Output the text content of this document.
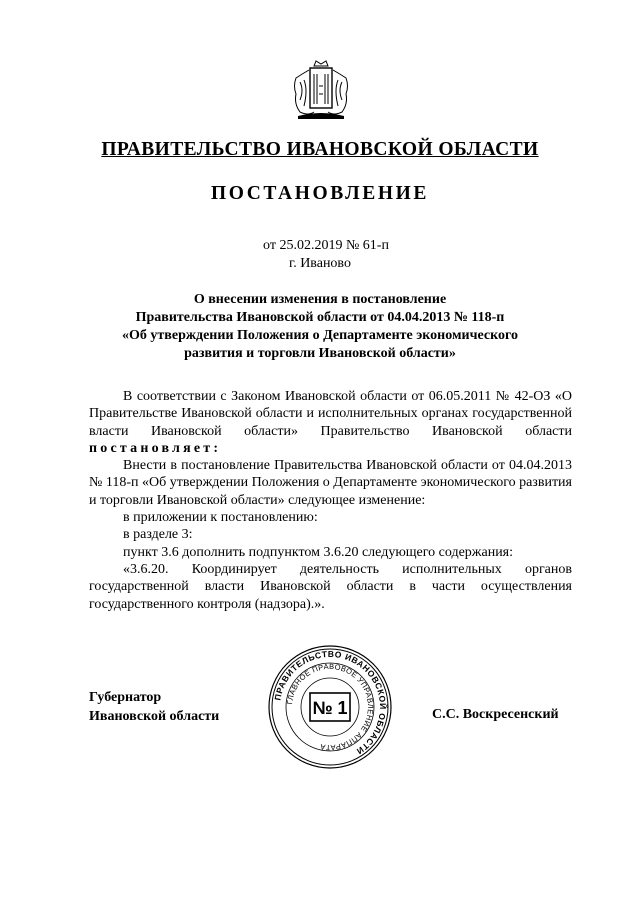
ПРАВИТЕЛЬСТВО ИВАНОВСКОЙ ОБЛАСТИ
ПОСТАНОВЛЕНИЕ
от 25.02.2019 № 61-п
г. Иваново
О внесении изменения в постановление
Правительства Ивановской области от 04.04.2013 № 118-п
«Об утверждении Положения о Департаменте экономического
развития и торговли Ивановской области»

В соответствии с Законом Ивановской области от 06.05.2011 № 42-ОЗ «О Правительстве Ивановской области и исполнительных органах государственной власти Ивановской области» Правительство Ивановской области постановляет:

Внести в постановление Правительства Ивановской области от 04.04.2013 № 118-п «Об утверждении Положения о Департаменте экономического развития и торговли Ивановской области» следующее изменение:

в приложении к постановлению:

в разделе 3:

пункт 3.6 дополнить подпунктом 3.6.20 следующего содержания:

«3.6.20. Координирует деятельность исполнительных органов государственной власти Ивановской области в части осуществления государственного контроля (надзора).».

Губернатор
Ивановской области	С.С. Воскресенский
ПРАВИТЕЛЬСТВО ИВАНОВСКОЙ ОБЛАСТИ
ГЛАВНОЕ ПРАВОВОЕ УПРАВЛЕНИЕ АППАРАТА
№ 1
